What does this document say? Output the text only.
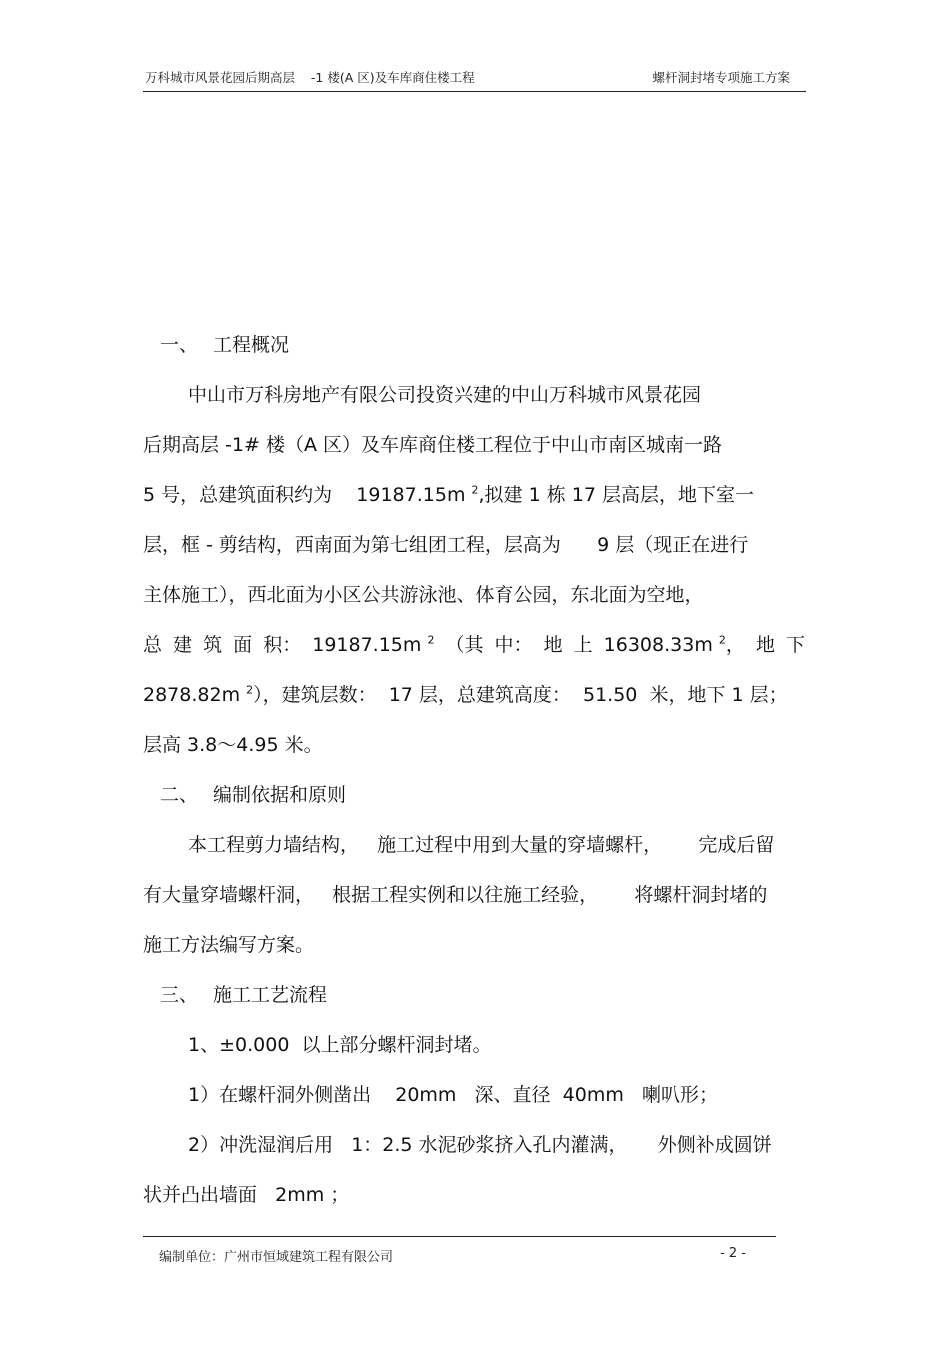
万科城市风景花园后期高层    -1 楼(A 区)及车库商住楼工程	螺杆洞封堵专项施工方案

一、

工程概况

中山市万科房地产有限公司投资兴建的中山万科城市风景花园
后期高层 -1# 楼（A 区）及车库商住楼工程位于中山市南区城南一路
5 号，总建筑面积约为    19187.15m $^2$,拟建 1 栋 17 层高层，地下室一
层，框 - 剪结构，西南面为第七组团工程，层高为      9 层（现正在进行
主体施工），西北面为小区公共游泳池、体育公园，东北面为空地，
总 建 筑 面 积： 19187.15m $^2$ （其 中： 地 上 16308.33m $^2$， 地 下
2878.82m $^2$），建筑层数：  17 层，总建筑高度：  51.50  米，地下 1 层；
层高 3.8～4.95 米。

二、

编制依据和原则

本工程剪力墙结构，   施工过程中用到大量的穿墙螺杆，      完成后留
有大量穿墙螺杆洞，   根据工程实例和以往施工经验，      将螺杆洞封堵的
施工方法编写方案。

三、

施工工艺流程

1、±0.000  以上部分螺杆洞封堵。
1）在螺杆洞外侧凿出    20mm   深、直径  40mm   喇叭形；
2）冲洗湿润后用   1：2.5 水泥砂浆挤入孔内灌满，     外侧补成圆饼
状并凸出墙面   2mm ；
编制单位：广州市恒域建筑工程有限公司	- 2 -
